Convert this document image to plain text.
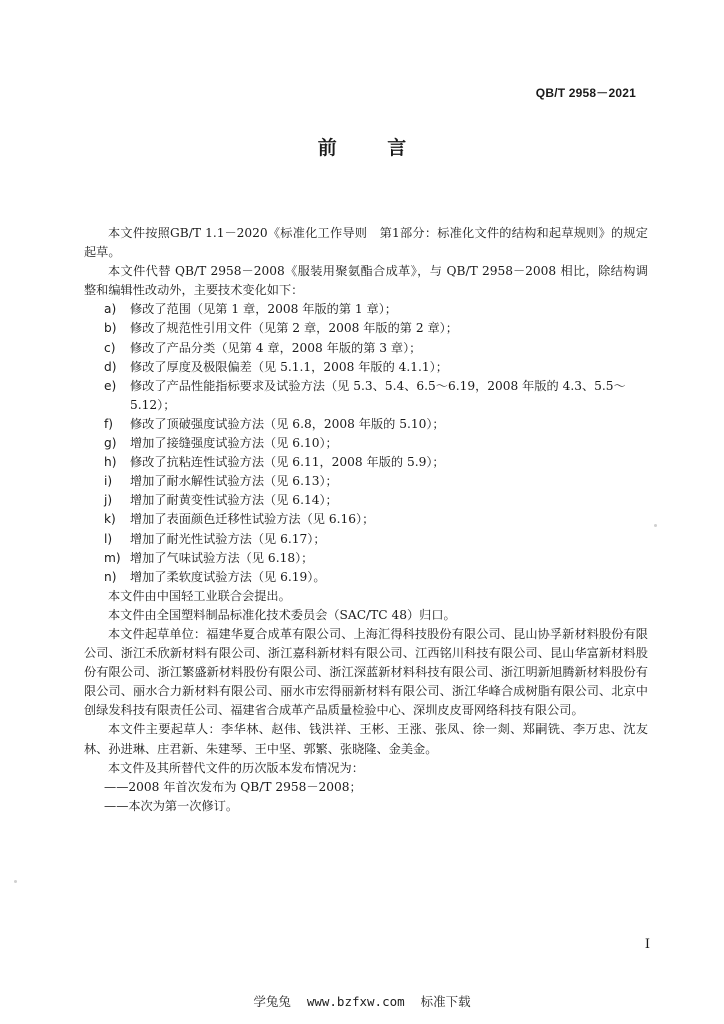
QB/T 2958－2021
前 言

本文件按照GB/T 1.1－2020《标准化工作导则　第1部分：标准化文件的结构和起草规则》的规定起草。

本文件代替 QB/T 2958－2008《服装用聚氨酯合成革》，与 QB/T 2958－2008 相比，除结构调整和编辑性改动外，主要技术变化如下：

a)	修改了范围（见第 1 章，2008 年版的第 1 章）；
b)	修改了规范性引用文件（见第 2 章，2008 年版的第 2 章）；
c)	修改了产品分类（见第 4 章，2008 年版的第 3 章）；
d)	修改了厚度及极限偏差（见 5.1.1，2008 年版的 4.1.1）；
e)	修改了产品性能指标要求及试验方法（见 5.3、5.4、6.5～6.19，2008 年版的 4.3、5.5～5.12）；
f)	修改了顶破强度试验方法（见 6.8，2008 年版的 5.10）；
g)	增加了接缝强度试验方法（见 6.10）；
h)	修改了抗粘连性试验方法（见 6.11，2008 年版的 5.9）；
i)	增加了耐水解性试验方法（见 6.13）；
j)	增加了耐黄变性试验方法（见 6.14）；
k)	增加了表面颜色迁移性试验方法（见 6.16）；
l)	增加了耐光性试验方法（见 6.17）；
m) 增加了气味试验方法（见 6.18）；
n)	增加了柔软度试验方法（见 6.19）。

本文件由中国轻工业联合会提出。

本文件由全国塑料制品标准化技术委员会（SAC/TC 48）归口。

本文件起草单位：福建华夏合成革有限公司、上海汇得科技股份有限公司、昆山协孚新材料股份有限公司、浙江禾欣新材料有限公司、浙江嘉科新材料有限公司、江西铭川科技有限公司、昆山华富新材料股份有限公司、浙江繁盛新材料股份有限公司、浙江深蓝新材料科技有限公司、浙江明新旭腾新材料股份有限公司、丽水合力新材料有限公司、丽水市宏得丽新材料有限公司、浙江华峰合成树脂有限公司、北京中创绿发科技有限责任公司、福建省合成革产品质量检验中心、深圳皮皮哥网络科技有限公司。

本文件主要起草人：李华林、赵伟、钱洪祥、王彬、王涨、张凤、徐一剡、郑嗣铣、李万忠、沈友林、孙进琳、庄君新、朱建琴、王中坚、郭繁、张晓隆、金美金。

本文件及其所替代文件的历次版本发布情况为：

——2008 年首次发布为 QB/T 2958－2008；

——本次为第一次修订。

I
学兔兔 www.bzfxw.com 标准下载
